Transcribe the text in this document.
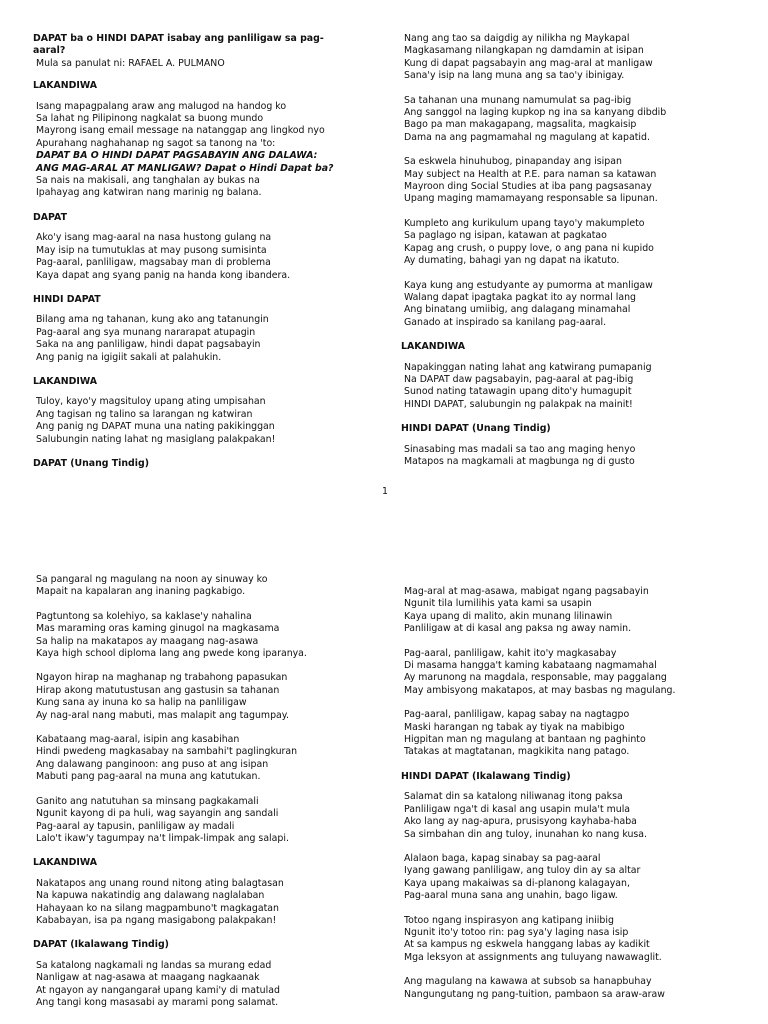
DAPAT ba o HINDI DAPAT isabay ang panliligaw sa pag-
aaral?
Mula sa panulat ni: RAFAEL A. PULMANO
LAKANDIWA
Isang mapagpalang araw ang malugod na handog ko
Sa lahat ng Pilipinong nagkalat sa buong mundo
Mayrong isang email message na natanggap ang lingkod nyo
Apurahang naghahanap ng sagot sa tanong na 'to:
DAPAT BA O HINDI DAPAT PAGSABAYIN ANG DALAWA:
ANG MAG-ARAL AT MANLIGAW? Dapat o Hindi Dapat ba?
Sa nais na makisali, ang tanghalan ay bukas na
Ipahayag ang katwiran nang marinig ng balana.
DAPAT
Ako'y isang mag-aaral na nasa hustong gulang na
May isip na tumutuklas at may pusong sumisinta
Pag-aaral, panliligaw, magsabay man di problema
Kaya dapat ang syang panig na handa kong ibandera.
HINDI DAPAT
Bilang ama ng tahanan, kung ako ang tatanungin
Pag-aaral ang sya munang nararapat atupagin
Saka na ang panliligaw, hindi dapat pagsabayin
Ang panig na igigiit sakali at palahukin.
LAKANDIWA
Tuloy, kayo'y magsituloy upang ating umpisahan
Ang tagisan ng talino sa larangan ng katwiran
Ang panig ng DAPAT muna una nating pakikinggan
Salubungin nating lahat ng masiglang palakpakan!
DAPAT (Unang Tindig)
Nang ang tao sa daigdig ay nilikha ng Maykapal
Magkasamang nilangkapan ng damdamin at isipan
Kung di dapat pagsabayin ang mag-aral at manligaw
Sana'y isip na lang muna ang sa tao'y ibinigay.
Sa tahanan una munang namumulat sa pag-ibig
Ang sanggol na laging kupkop ng ina sa kanyang dibdib
Bago pa man makagapang, magsalita, magkaisip
Dama na ang pagmamahal ng magulang at kapatid.
Sa eskwela hinuhubog, pinapanday ang isipan
May subject na Health at P.E. para naman sa katawan
Mayroon ding Social Studies at iba pang pagsasanay
Upang maging mamamayang responsable sa lipunan.
Kumpleto ang kurikulum upang tayo'y makumpleto
Sa paglago ng isipan, katawan at pagkatao
Kapag ang crush, o puppy love, o ang pana ni kupido
Ay dumating, bahagi yan ng dapat na ikatuto.
Kaya kung ang estudyante ay pumorma at manligaw
Walang dapat ipagtaka pagkat ito ay normal lang
Ang binatang umiibig, ang dalagang minamahal
Ganado at inspirado sa kanilang pag-aaral.
LAKANDIWA
Napakinggan nating lahat ang katwirang pumapanig
Na DAPAT daw pagsabayin, pag-aaral at pag-ibig
Sunod nating tatawagin upang dito'y humagupit
HINDI DAPAT, salubungin ng palakpak na mainit!
HINDI DAPAT (Unang Tindig)
Sinasabing mas madali sa tao ang maging henyo
Matapos na magkamali at magbunga ng di gusto
1
Sa pangaral ng magulang na noon ay sinuway ko
Mapait na kapalaran ang inaning pagkabigo.
Pagtuntong sa kolehiyo, sa kaklase'y nahalina
Mas maraming oras kaming ginugol na magkasama
Sa halip na makatapos ay maagang nag-asawa
Kaya high school diploma lang ang pwede kong iparanya.
Ngayon hirap na maghanap ng trabahong papasukan
Hirap akong matutustusan ang gastusin sa tahanan
Kung sana ay inuna ko sa halip na panliligaw
Ay nag-aral nang mabuti, mas malapit ang tagumpay.
Kabataang mag-aaral, isipin ang kasabihan
Hindi pwedeng magkasabay na sambahi't paglingkuran
Ang dalawang panginoon: ang puso at ang isipan
Mabuti pang pag-aaral na muna ang katutukan.
Ganito ang natutuhan sa minsang pagkakamali
Ngunit kayong di pa huli, wag sayangin ang sandali
Pag-aaral ay tapusin, panliligaw ay madali
Lalo't ikaw'y tagumpay na't limpak-limpak ang salapi.
LAKANDIWA
Nakatapos ang unang round nitong ating balagtasan
Na kapuwa nakatindig ang dalawang naglalaban
Hahayaan ko na silang magpambuno't magkagatan
Kababayan, isa pa ngang masigabong palakpakan!
DAPAT (Ikalawang Tindig)
Sa katalong nagkamali ng landas sa murang edad
Nanligaw at nag-asawa at maagang nagkaanak
At ngayon ay nangangarał upang kami'y di matulad
Ang tangi kong masasabi ay marami pong salamat.
Mag-aral at mag-asawa, mabigat ngang pagsabayin
Ngunit tila lumilihis yata kami sa usapin
Kaya upang di malito, akin munang lilinawin
Panliligaw at di kasal ang paksa ng away namin.
Pag-aaral, panliligaw, kahit ito'y magkasabay
Di masama hangga't kaming kabataang nagmamahal
Ay marunong na magdala, responsable, may paggalang
May ambisyong makatapos, at may basbas ng magulang.
Pag-aaral, panliligaw, kapag sabay na nagtagpo
Maski harangan ng tabak ay tiyak na mabibigo
Higpitan man ng magulang at bantaan ng paghinto
Tatakas at magtatanan, magkikita nang patago.
HINDI DAPAT (Ikalawang Tindig)
Salamat din sa katalong niliwanag itong paksa
Panliligaw nga't di kasal ang usapin mula't mula
Ako lang ay nag-apura, prusisyong kayhaba-haba
Sa simbahan din ang tuloy, inunahan ko nang kusa.
Alalaon baga, kapag sinabay sa pag-aaral
Iyang gawang panliligaw, ang tuloy din ay sa altar
Kaya upang makaiwas sa di-planong kalagayan,
Pag-aaral muna sana ang unahin, bago ligaw.
Totoo ngang inspirasyon ang katipang iniibig
Ngunit ito'y totoo rin: pag sya'y laging nasa isip
At sa kampus ng eskwela hanggang labas ay kadikit
Mga leksyon at assignments ang tuluyang nawawaglit.
Ang magulang na kawawa at subsob sa hanapbuhay
Nangungutang ng pang-tuition, pambaon sa araw-araw
